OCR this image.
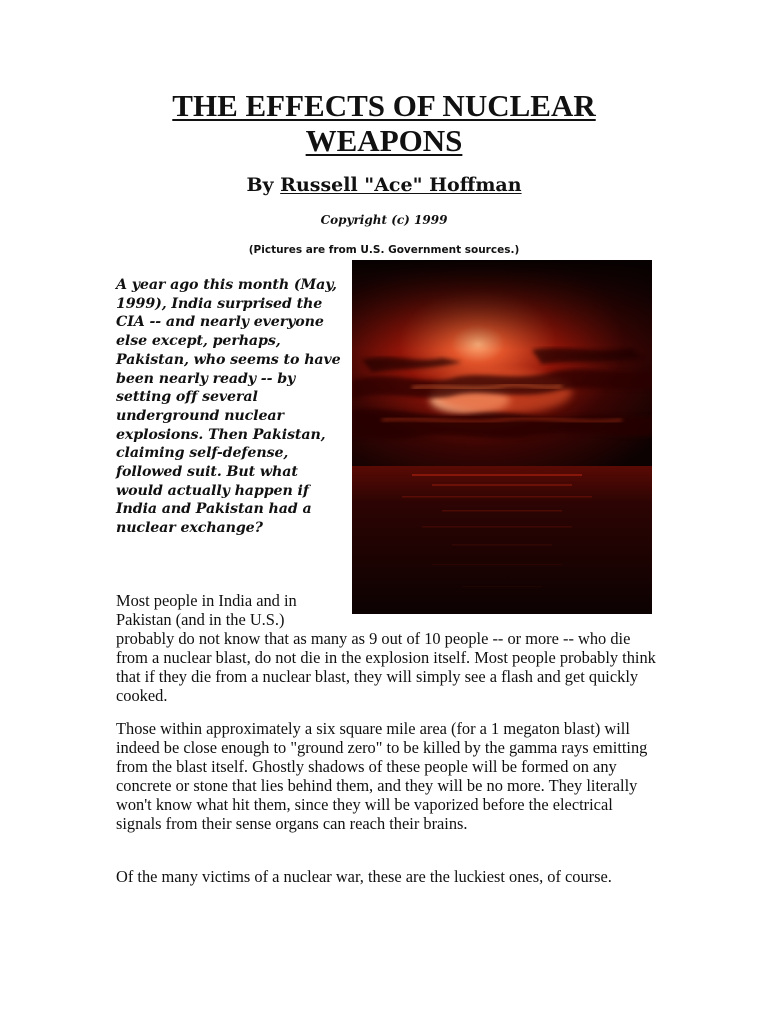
THE EFFECTS OF NUCLEAR WEAPONS
By Russell "Ace" Hoffman
Copyright (c) 1999
(Pictures are from U.S. Government sources.)

A year ago this month (May, 1999), India surprised the CIA -- and nearly everyone else except, perhaps, Pakistan, who seems to have been nearly ready -- by setting off several underground nuclear explosions. Then Pakistan, claiming self-defense, followed suit. But what would actually happen if India and Pakistan had a nuclear exchange?

Most people in India and in Pakistan (and in the U.S.)
probably do not know that as many as 9 out of 10 people -- or more -- who die from a nuclear blast, do not die in the explosion itself. Most people probably think that if they die from a nuclear blast, they will simply see a flash and get quickly cooked.

Those within approximately a six square mile area (for a 1 megaton blast) will indeed be close enough to "ground zero" to be killed by the gamma rays emitting from the blast itself. Ghostly shadows of these people will be formed on any concrete or stone that lies behind them, and they will be no more. They literally won't know what hit them, since they will be vaporized before the electrical signals from their sense organs can reach their brains.

Of the many victims of a nuclear war, these are the luckiest ones, of course.
